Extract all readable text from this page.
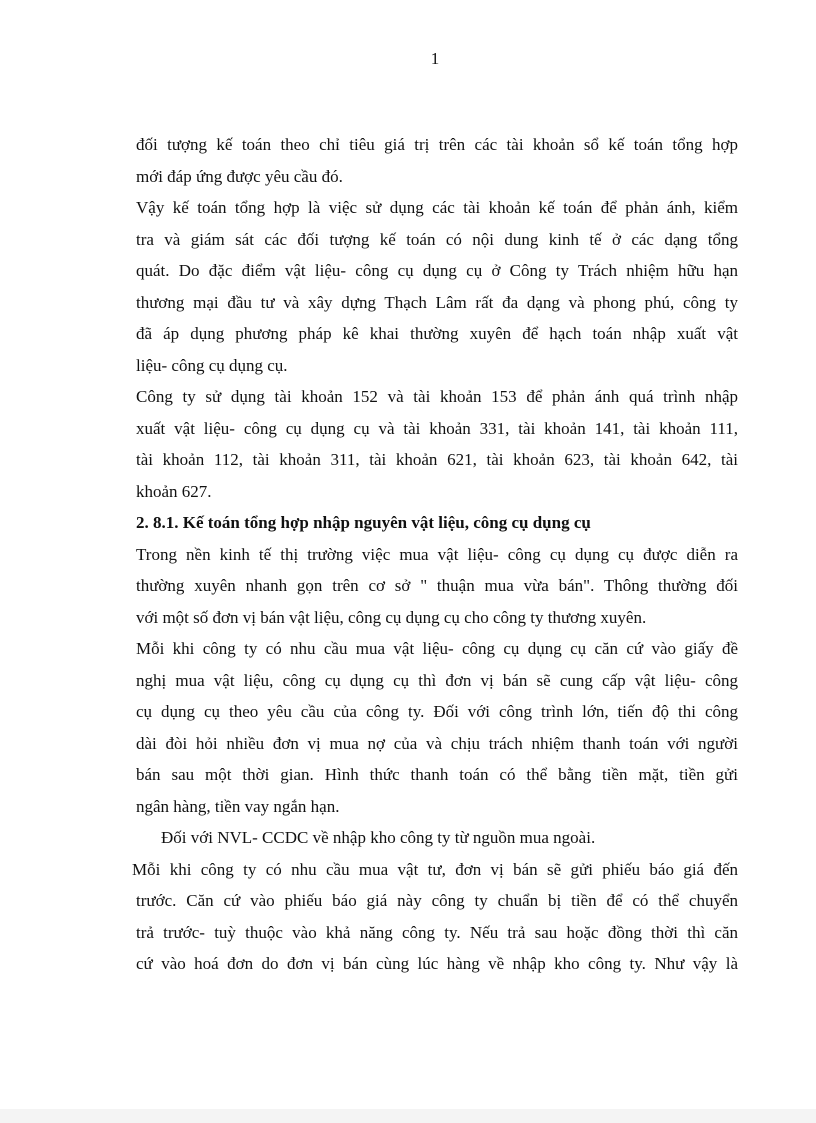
1
đối tượng kế toán theo chỉ tiêu giá trị trên các tài khoản sổ kế toán tổng hợp
mới đáp ứng được yêu cầu đó.
Vậy kế toán tổng hợp là việc sử dụng các tài khoản kế toán để phản ánh, kiểm
tra và giám sát các đối tượng kế toán có nội dung kinh tế ở các dạng tổng
quát. Do đặc điểm vật liệu- công cụ dụng cụ ở Công ty Trách nhiệm hữu hạn
thương mại đầu tư và xây dựng Thạch Lâm rất đa dạng và phong phú, công ty
đã áp dụng phương pháp kê khai thường xuyên để hạch toán nhập xuất vật
liệu- công cụ dụng cụ.
Công ty sử dụng tài khoản 152 và tài khoản 153 để phản ánh quá trình nhập
xuất vật liệu- công cụ dụng cụ và tài khoản 331, tài khoản 141, tài khoản 111,
tài khoản 112, tài khoản 311, tài khoản 621, tài khoản 623, tài khoản 642, tài
khoản 627.
2. 8.1. Kế toán tổng hợp nhập nguyên vật liệu, công cụ dụng cụ
Trong nền kinh tế thị trường việc mua vật liệu- công cụ dụng cụ được diễn ra
thường xuyên nhanh gọn trên cơ sở " thuận mua vừa bán". Thông thường đối
với một số đơn vị bán vật liệu, công cụ dụng cụ cho công ty thương xuyên.
Mỗi khi công ty có nhu cầu mua vật liệu- công cụ dụng cụ căn cứ vào giấy đề
nghị mua vật liệu, công cụ dụng cụ thì đơn vị bán sẽ cung cấp vật liệu- công
cụ dụng cụ theo yêu cầu của công ty. Đối với công trình lớn, tiến độ thi công
dài đòi hỏi nhiều đơn vị mua nợ của và chịu trách nhiệm thanh toán với người
bán sau một thời gian. Hình thức thanh toán có thể bằng tiền mặt, tiền gửi
ngân hàng, tiền vay ngắn hạn.
Đối với NVL- CCDC về nhập kho công ty từ nguồn mua ngoài.
Mỗi khi công ty có nhu cầu mua vật tư, đơn vị bán sẽ gửi phiếu báo giá đến
trước. Căn cứ vào phiếu báo giá này công ty chuẩn bị tiền để có thể chuyển
trả trước- tuỳ thuộc vào khả năng công ty. Nếu trả sau hoặc đồng thời thì căn
cứ vào hoá đơn do đơn vị bán cùng lúc hàng về nhập kho công ty. Như vậy là
